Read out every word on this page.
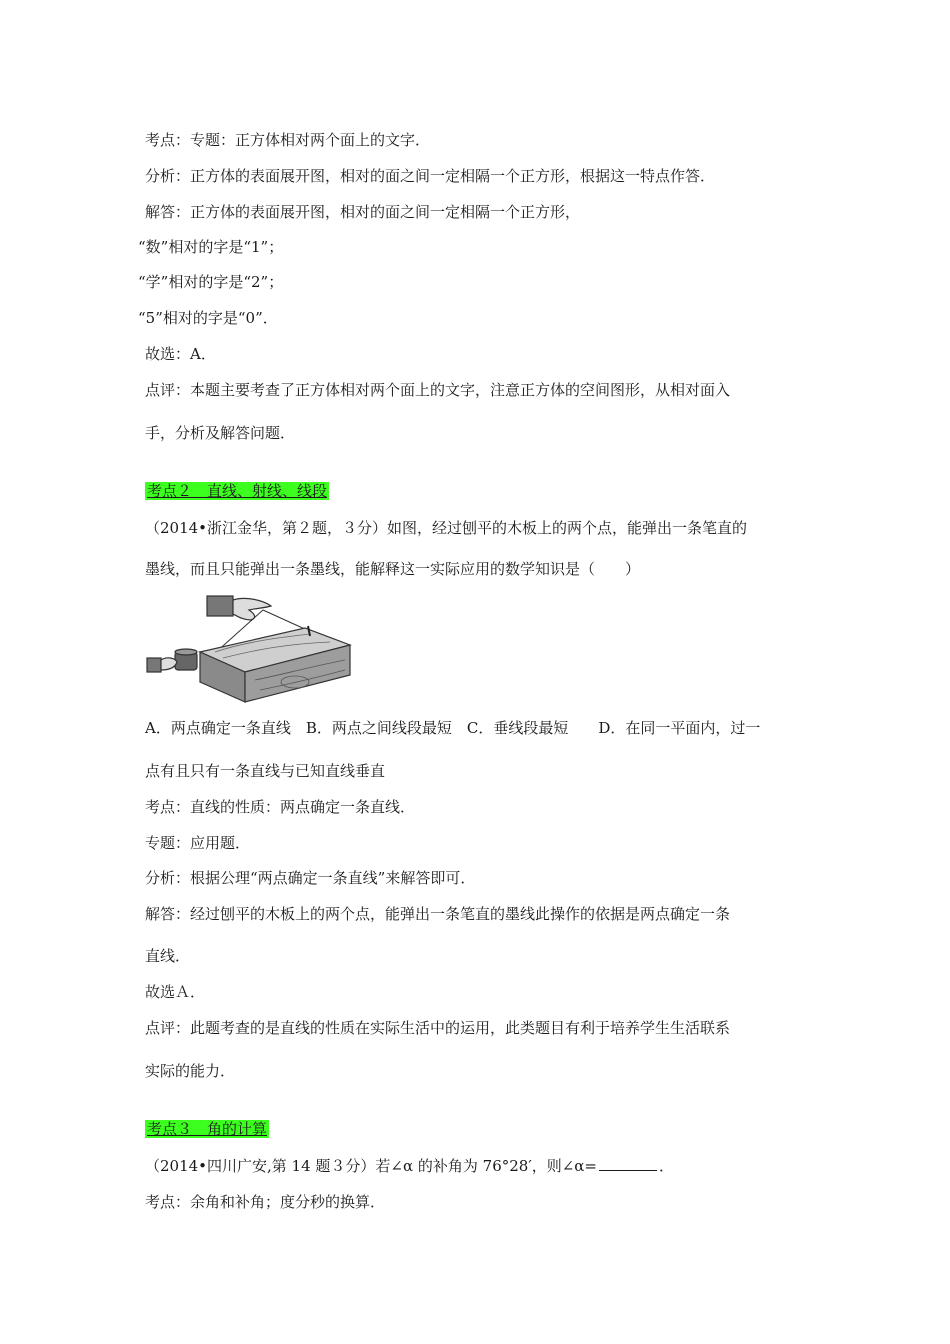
考点：专题：正方体相对两个面上的文字．

分析：正方体的表面展开图，相对的面之间一定相隔一个正方形，根据这一特点作答．

解答：正方体的表面展开图，相对的面之间一定相隔一个正方形，

“数”相对的字是“1”；

“学”相对的字是“2”；

“5”相对的字是“0”．

故选：A．

点评：本题主要考查了正方体相对两个面上的文字，注意正方体的空间图形，从相对面入

手，分析及解答问题．

考点２　直线、射线、线段

（2014•浙江金华，第２题，３分）如图，经过刨平的木板上的两个点，能弹出一条笔直的

墨线，而且只能弹出一条墨线，能解释这一实际应用的数学知识是（　　）

A．两点确定一条直线　B．两点之间线段最短　C．垂线段最短　　D．在同一平面内，过一

点有且只有一条直线与已知直线垂直

考点：直线的性质：两点确定一条直线．

专题：应用题．

分析：根据公理“两点确定一条直线”来解答即可．

解答：经过刨平的木板上的两个点，能弹出一条笔直的墨线此操作的依据是两点确定一条

直线．

故选Ａ．

点评：此题考查的是直线的性质在实际生活中的运用，此类题目有利于培养学生生活联系

实际的能力．

考点３　角的计算

（2014•四川广安,第 14 题３分）若∠α 的补角为 76°28′，则∠α=	．

考点：余角和补角；度分秒的换算．
